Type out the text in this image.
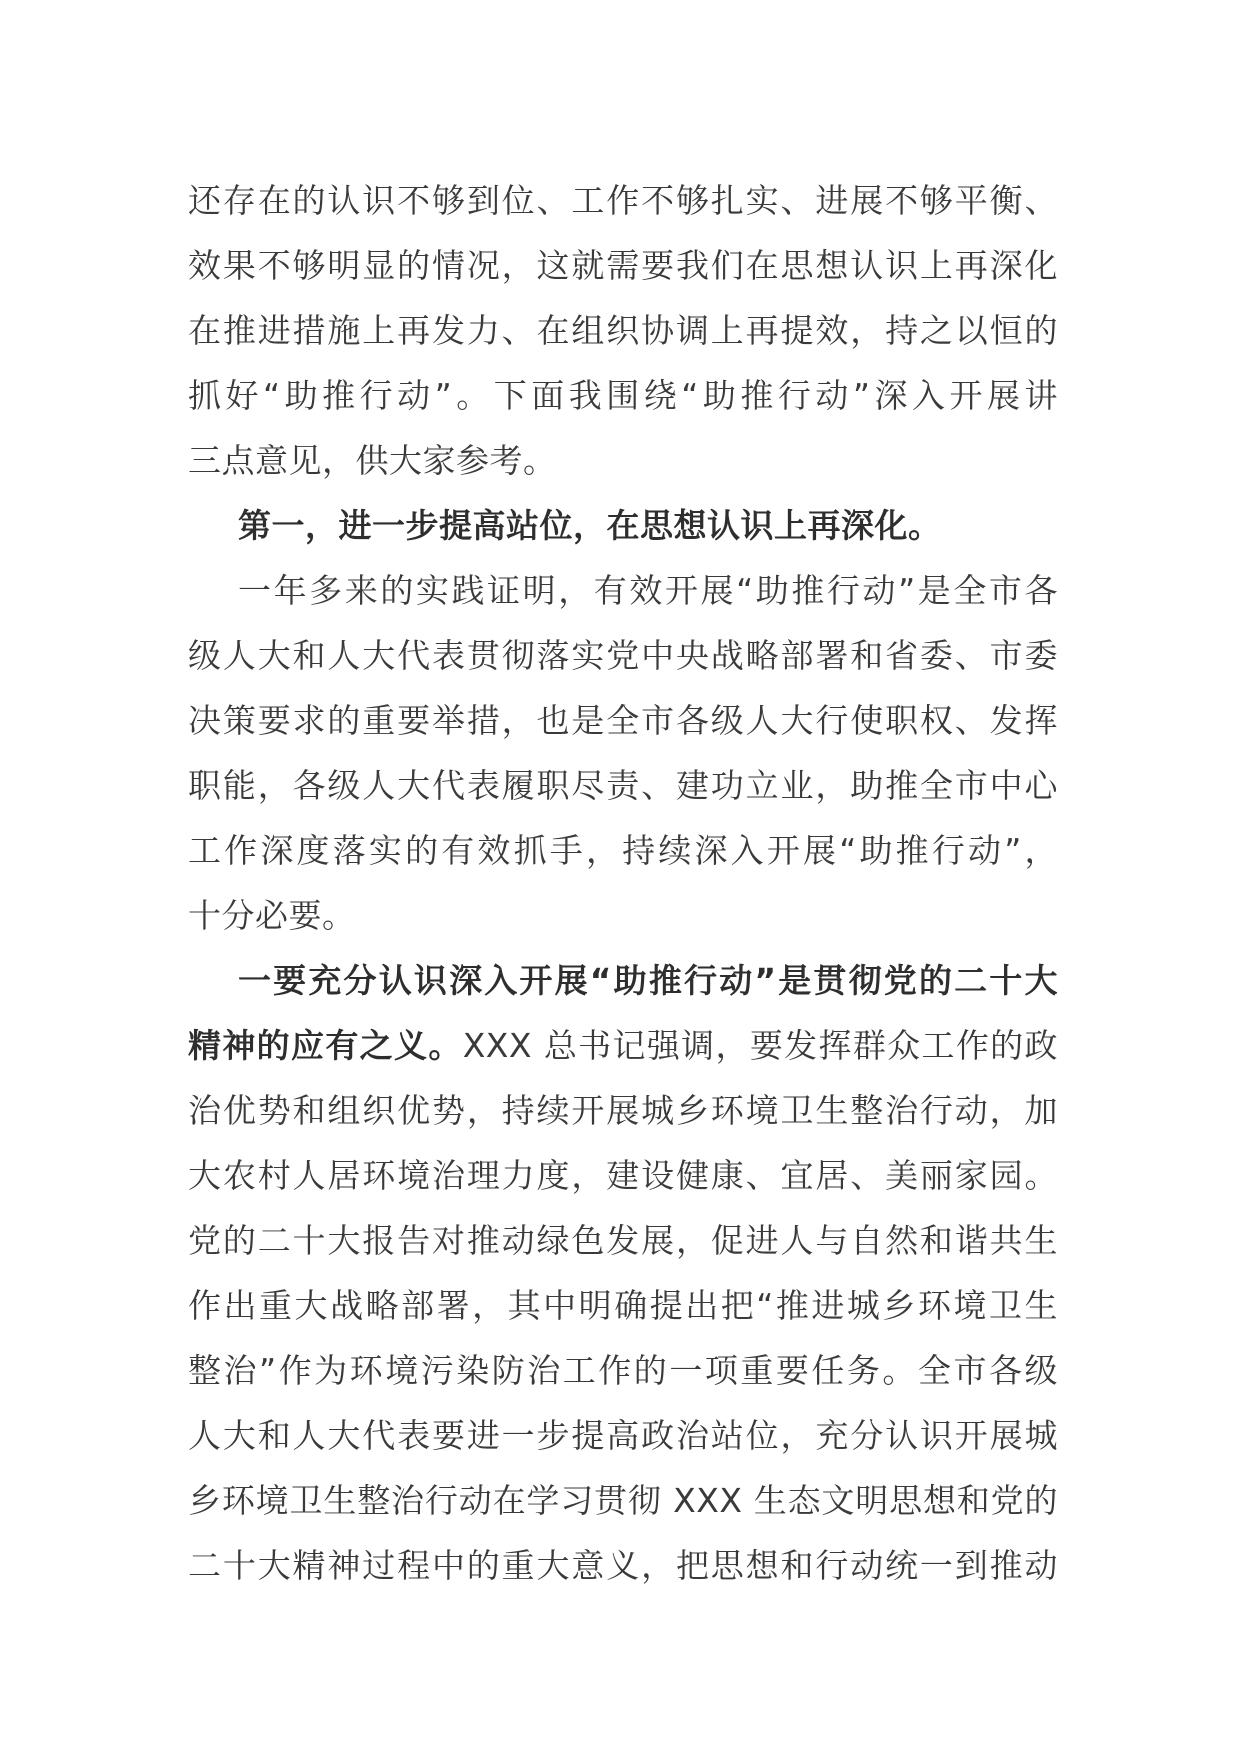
还存在的认识不够到位、工作不够扎实、进展不够平衡、
效果不够明显的情况，这就需要我们在思想认识上再深化
在推进措施上再发力、在组织协调上再提效，持之以恒的
抓好“助推行动”。下面我围绕“助推行动”深入开展讲
三点意见，供大家参考。
第一，进一步提高站位，在思想认识上再深化。
一年多来的实践证明，有效开展“助推行动”是全市各
级人大和人大代表贯彻落实党中央战略部署和省委、市委
决策要求的重要举措，也是全市各级人大行使职权、发挥
职能，各级人大代表履职尽责、建功立业，助推全市中心
工作深度落实的有效抓手，持续深入开展“助推行动”，
十分必要。
一要充分认识深入开展“助推行动”是贯彻党的二十大
精神的应有之义。XXX 总书记强调，要发挥群众工作的政
治优势和组织优势，持续开展城乡环境卫生整治行动，加
大农村人居环境治理力度，建设健康、宜居、美丽家园。
党的二十大报告对推动绿色发展，促进人与自然和谐共生
作出重大战略部署，其中明确提出把“推进城乡环境卫生
整治”作为环境污染防治工作的一项重要任务。全市各级
人大和人大代表要进一步提高政治站位，充分认识开展城
乡环境卫生整治行动在学习贯彻 XXX 生态文明思想和党的
二十大精神过程中的重大意义，把思想和行动统一到推动
